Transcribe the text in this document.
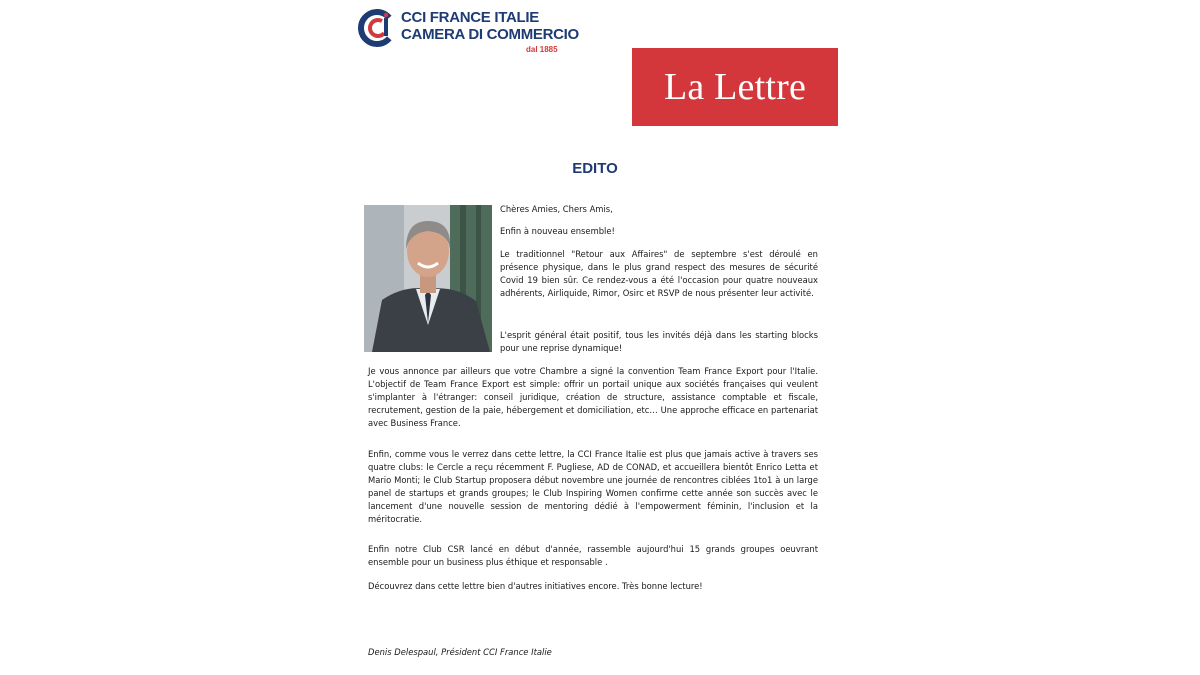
CCI FRANCE ITALIE
CAMERA DI COMMERCIO
dal 1885
La Lettre
EDITO
Chères Amies, Chers Amis,
Enfin à nouveau ensemble!
Le traditionnel "Retour aux Affaires" de septembre s'est déroulé en présence physique, dans le plus grand respect des mesures de sécurité Covid 19 bien sûr. Ce rendez-vous a été l'occasion pour quatre nouveaux adhérents, Airliquide, Rimor, Osirc et RSVP de nous présenter leur activité.
L'esprit général était positif, tous les invités déjà dans les starting blocks pour une reprise dynamique!
Je vous annonce par ailleurs que votre Chambre a signé la convention Team France Export pour l'Italie. L'objectif de Team France Export est simple: offrir un portail unique aux sociétés françaises qui veulent s'implanter à l'étranger: conseil juridique, création de structure, assistance comptable et fiscale, recrutement, gestion de la paie, hébergement et domiciliation, etc… Une approche efficace en partenariat avec Business France.
Enfin, comme vous le verrez dans cette lettre, la CCI France Italie est plus que jamais active à travers ses quatre clubs: le Cercle a reçu récemment F. Pugliese, AD de CONAD, et accueillera bientôt Enrico Letta et Mario Monti; le Club Startup proposera début novembre une journée de rencontres ciblées 1to1 à un large panel de startups et grands groupes; le Club Inspiring Women confirme cette année son succès avec le lancement d'une nouvelle session de mentoring dédié à l'empowerment féminin, l'inclusion et la méritocratie.
Enfin notre Club CSR lancé en début d'année, rassemble aujourd'hui 15 grands groupes oeuvrant ensemble pour un business plus éthique et responsable .
Découvrez dans cette lettre bien d'autres initiatives encore. Très bonne lecture!
Denis Delespaul, Président CCI France Italie
